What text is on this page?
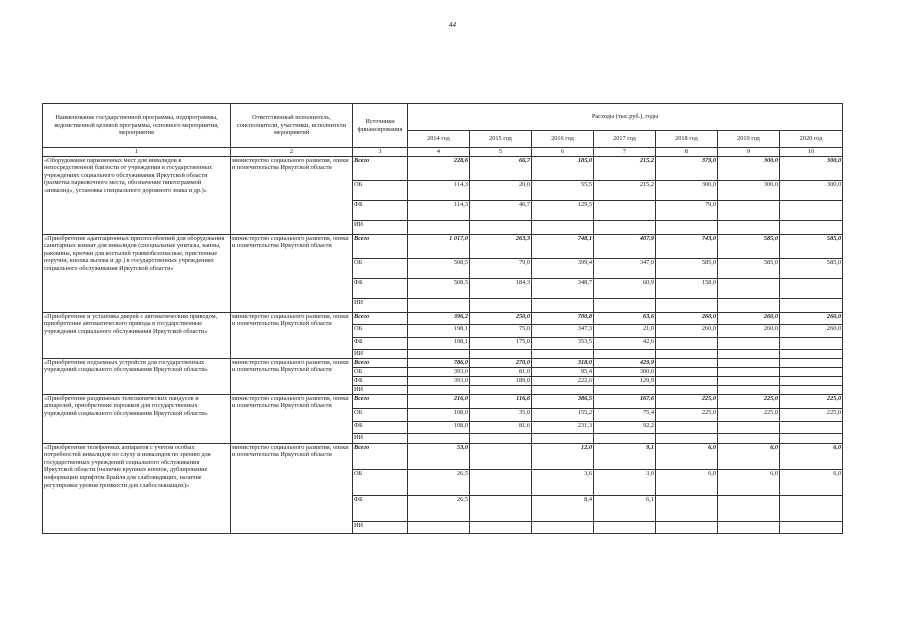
44
Наименование государственной программы, подпрограммы, ведомственной целевой программы, основного мероприятия, мероприятия	Ответственный исполнитель, соисполнители, участники, исполнители мероприятий	Источники финансирования	Расходы (тыс.руб.), годы						
			2014 год	2015 год	2016 год	2017 год	2018 год	2019 год	2020 год
1	2	3	4	5	6	7	8	9	10
«Оборудование парковочных мест для инвалидов в непосредственной близости от учреждения в государственных учреждениях социального обслуживания Иркутской области (разметка парковочного места, обозначение пиктограммой «инвалид», установка специального дорожного знака и др.)»	министерство социального развития, опеки и попечительства Иркутской области	Всего	228,6	66,7	185,0	215,2	379,0	300,0	300,0
		ОБ	114,3	20,0	55,5	215,2	300,0	300,0	300,0
		ФБ	114,3	46,7	129,5		79,0		
		ИИ							
«Приобретение адаптационных приспособлений для оборудования санитарных комнат для инвалидов (специальные унитазы, ванны, раковины, крючки для костылей травмобезопасные, пристенные поручни, кнопка вызова и др.) в государственных учреждениях социального обслуживания Иркутской области»	министерство социального развития, опеки и попечительства Иркутской области	Всего	1 017,0	263,3	748,1	407,9	743,0	585,0	585,0
		ОБ	508,5	79,0	399,4	347,0	585,0	585,0	585,0
		ФБ	508,5	184,3	348,7	60,9	158,0		
		ИИ							
«Приобретение и установка дверей с автоматическим приводом, приобретение автоматического привода в государственные учреждения социального обслуживания Иркутской области»	министерство социального развития, опеки и попечительства Иркутской области	Всего	396,2	250,0	700,8	63,6	260,0	260,0	260,0
		ОБ	198,1	75,0	347,3	21,0	260,0	260,0	260,0
		ФБ	198,1	175,0	353,5	42,6			
		ИИ							
«Приобретение подъемных устройств для государственных учреждений социального обслуживания Иркутской области»	министерство социального развития, опеки и попечительства Иркутской области	Всего	786,0	270,0	318,0	429,9			
		ОБ	393,0	81,0	95,4	300,0			
		ФБ	393,0	189,0	222,6	129,9			
		ИИ							
«Приобретение раздвижных телескопических пандусов и аппарелей, приобретение порожков для государственных учреждений социального обслуживания Иркутской области»	министерство социального развития, опеки и попечительства Иркутской области	Всего	216,0	116,6	386,5	167,6	225,0	225,0	225,0
		ОБ	108,0	35,0	155,2	75,4	225,0	225,0	225,0
		ФБ	108,0	81,6	231,3	92,2			
		ИИ							
«Приобретение телефонных аппаратов с учетом особых потребностей инвалидов по слуху и инвалидов по зрению для государственных учреждений социального обслуживания Иркутской области (наличие крупных кнопок, дублирование информации шрифтом Брайля для слабовидящих, наличие регулировки уровня громкости для слабослышащих)»	министерство социального развития, опеки и попечительства Иркутской области	Всего	53,0		12,0	9,1	6,0	6,0	6,0
		ОБ	26,5		3,6	3,0	6,0	6,0	6,0
		ФБ	26,5		8,4	6,1			
		ИИ							
